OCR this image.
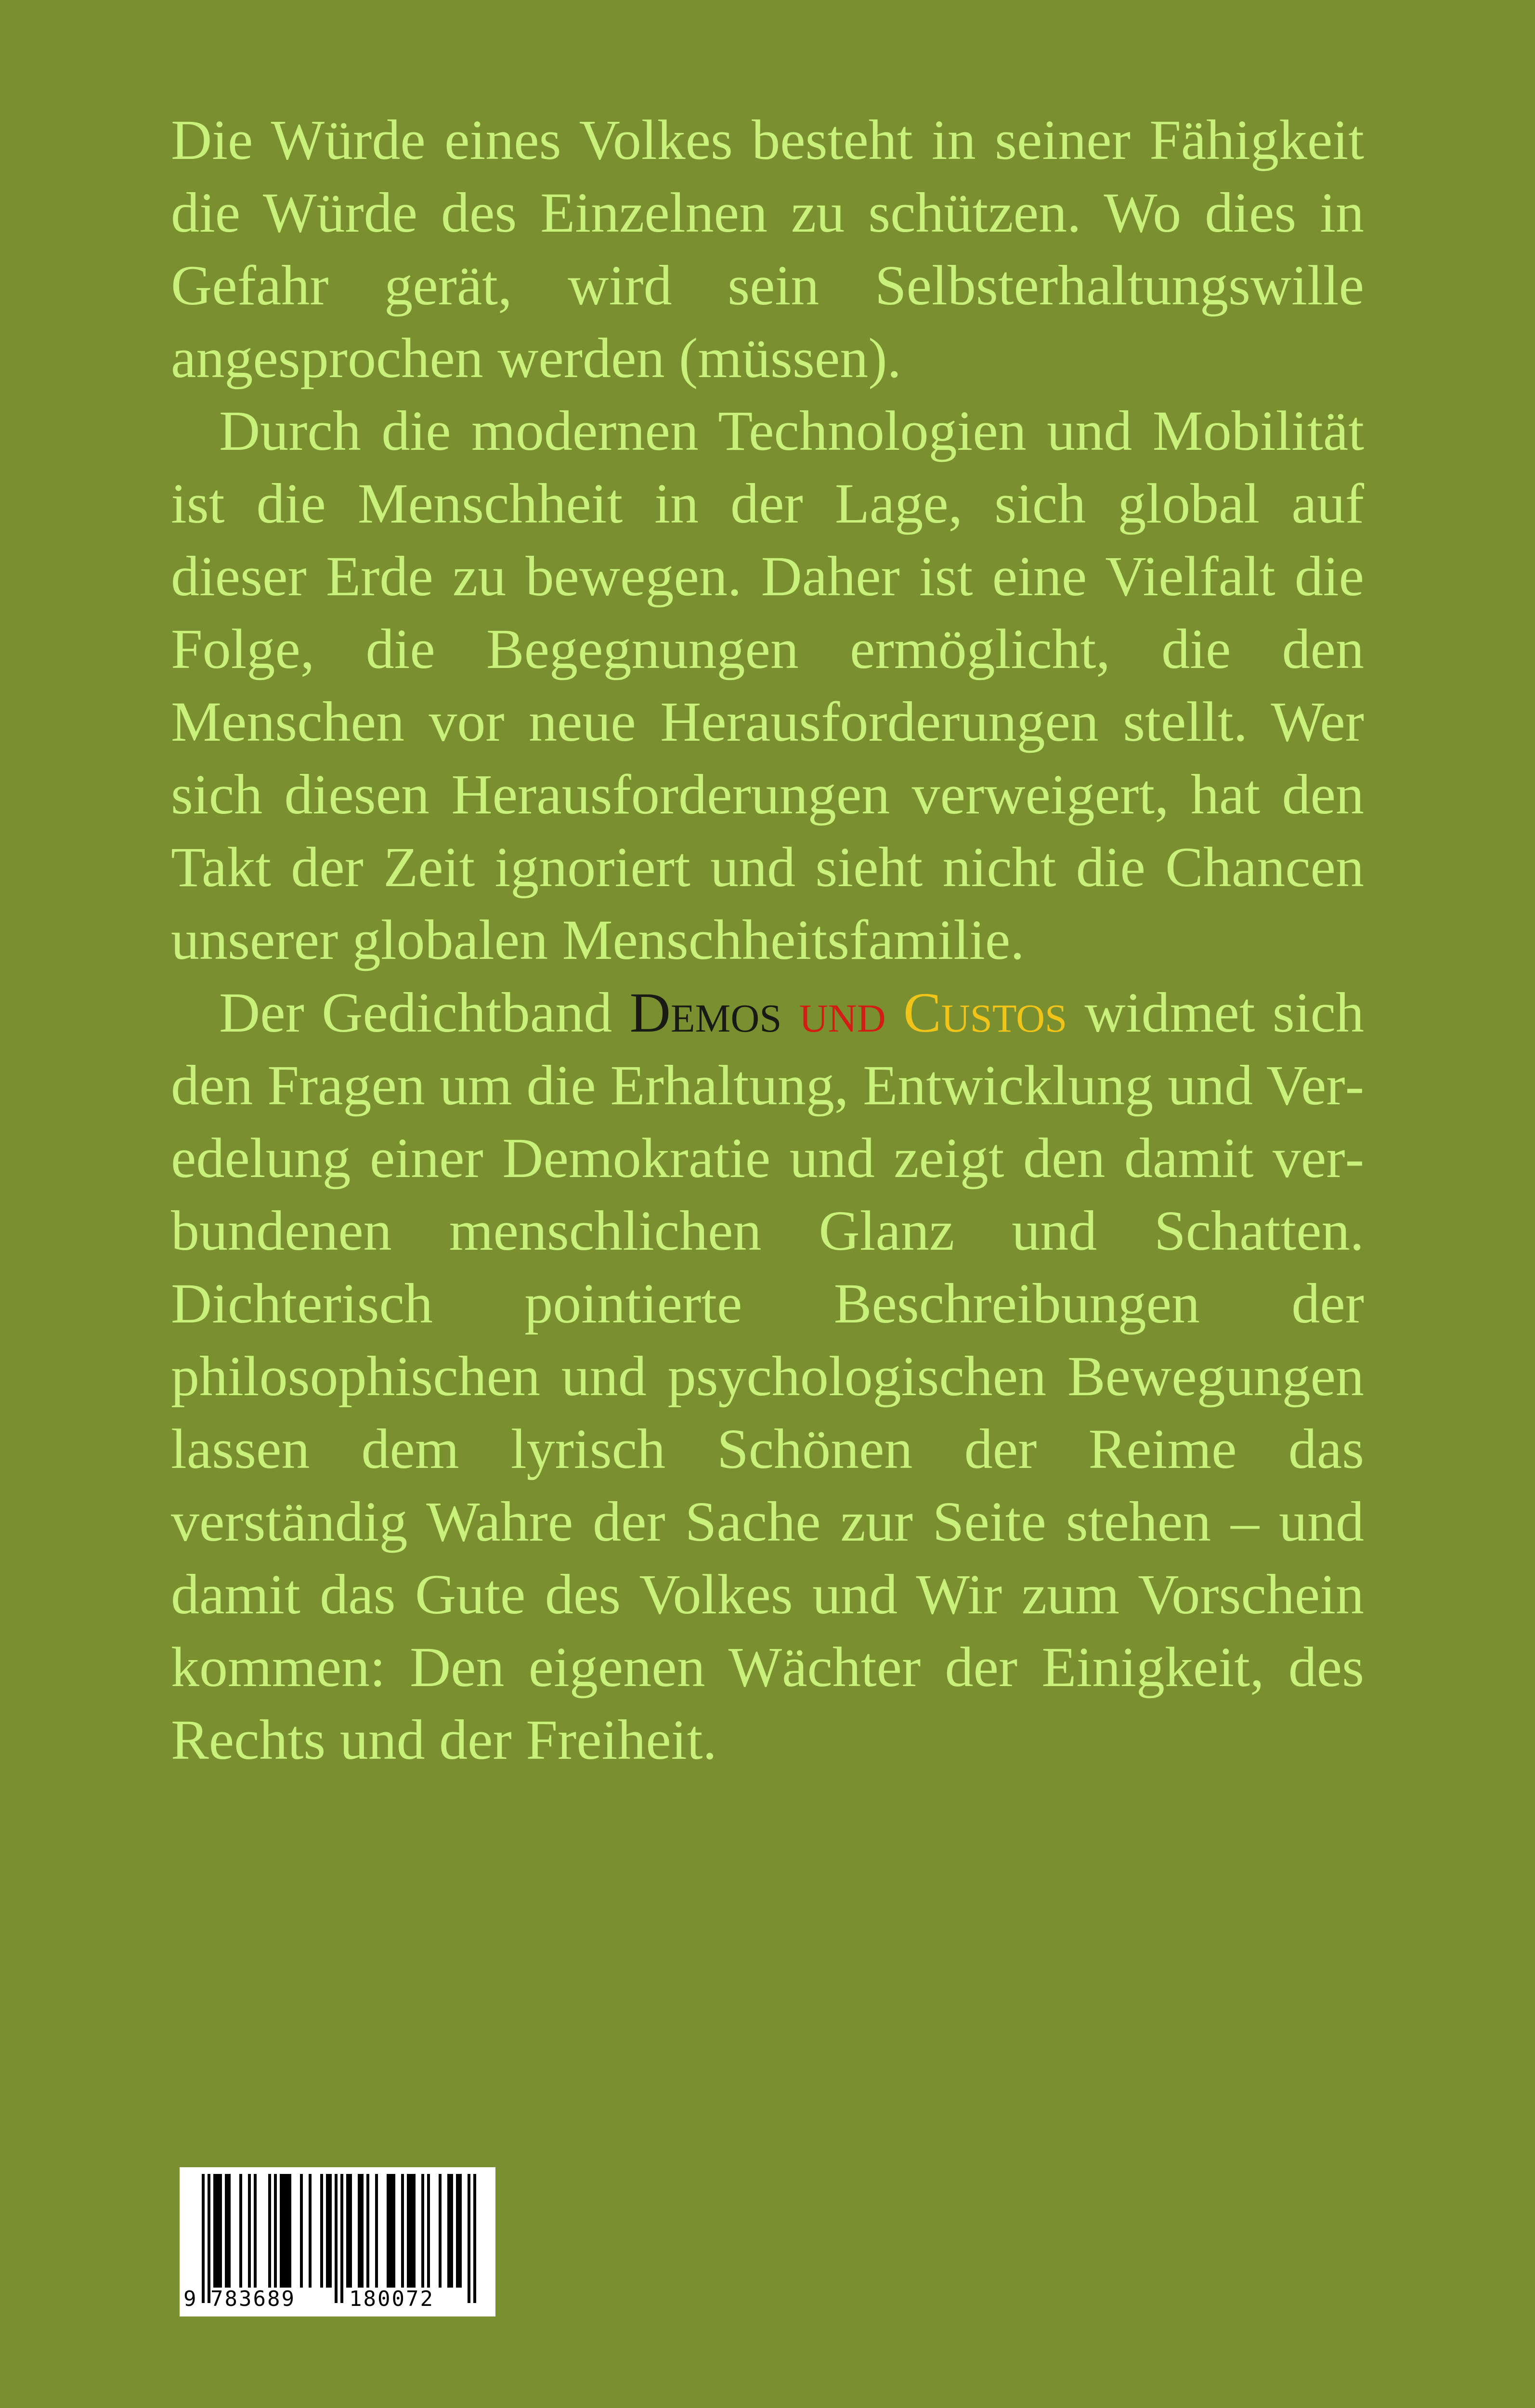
Die Würde eines Volkes besteht in seiner Fähigkeit die Würde des Einzelnen zu schützen. Wo dies in Gefahr gerät, wird sein Selbsterhaltungswille angesprochen werden (müssen).

Durch die modernen Technologien und Mobilität ist die Menschheit in der Lage, sich global auf dieser Erde zu bewegen. Daher ist eine Vielfalt die Folge, die Begegnungen ermöglicht, die den Menschen vor neue Herausforderungen stellt. Wer sich diesen Herausforderungen verweigert, hat den Takt der Zeit ignoriert und sieht nicht die Chancen unserer globalen Menschheitsfamilie.

Der Gedichtband Demos und Custos widmet sich den Fragen um die Erhaltung, Entwicklung und Veredelung einer Demokratie und zeigt den damit verbundenen menschlichen Glanz und Schatten. Dichterisch pointierte Beschreibungen der philosophischen und psychologischen Bewegungen lassen dem lyrisch Schönen der Reime das verständig Wahre der Sache zur Seite stehen – und damit das Gute des Volkes und Wir zum Vorschein kommen: Den eigenen Wächter der Einigkeit, des Rechts und der Freiheit.

9 783689	180072
